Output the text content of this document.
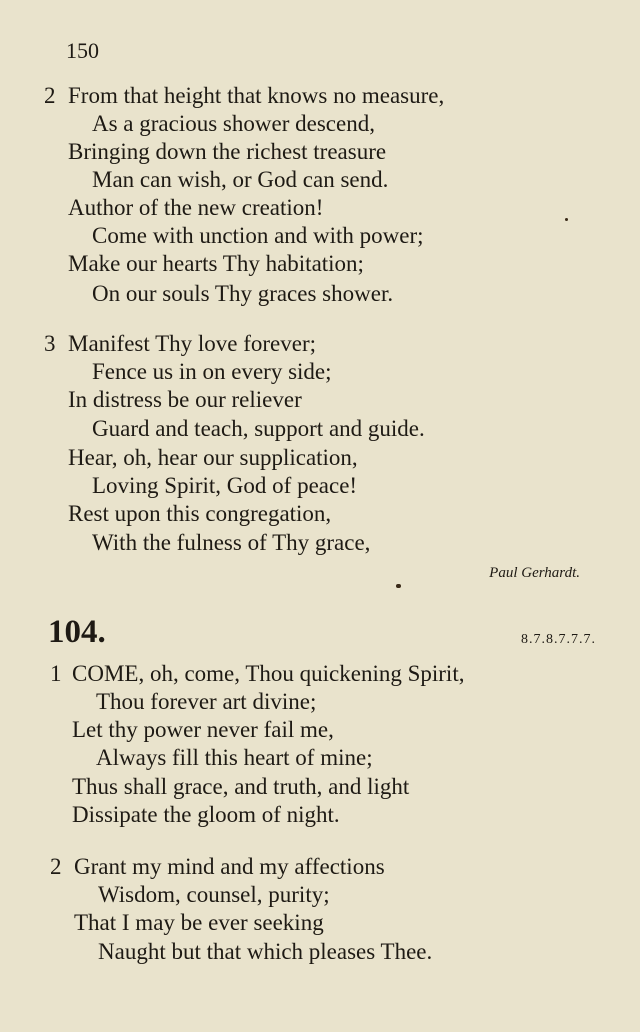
150
2 From that height that knows no measure,
As a gracious shower descend,
Bringing down the richest treasure
Man can wish, or God can send.
Author of the new creation!
Come with unction and with power;
Make our hearts Thy habitation;
On our souls Thy graces shower.
3 Manifest Thy love forever;
Fence us in on every side;
In distress be our reliever
Guard and teach, support and guide.
Hear, oh, hear our supplication,
Loving Spirit, God of peace!
Rest upon this congregation,
With the fulness of Thy grace,
Paul Gerhardt.
104.	8.7.8.7.7.7.
1 COME, oh, come, Thou quickening Spirit,
Thou forever art divine;
Let thy power never fail me,
Always fill this heart of mine;
Thus shall grace, and truth, and light
Dissipate the gloom of night.
2 Grant my mind and my affections
Wisdom, counsel, purity;
That I may be ever seeking
Naught but that which pleases Thee.
